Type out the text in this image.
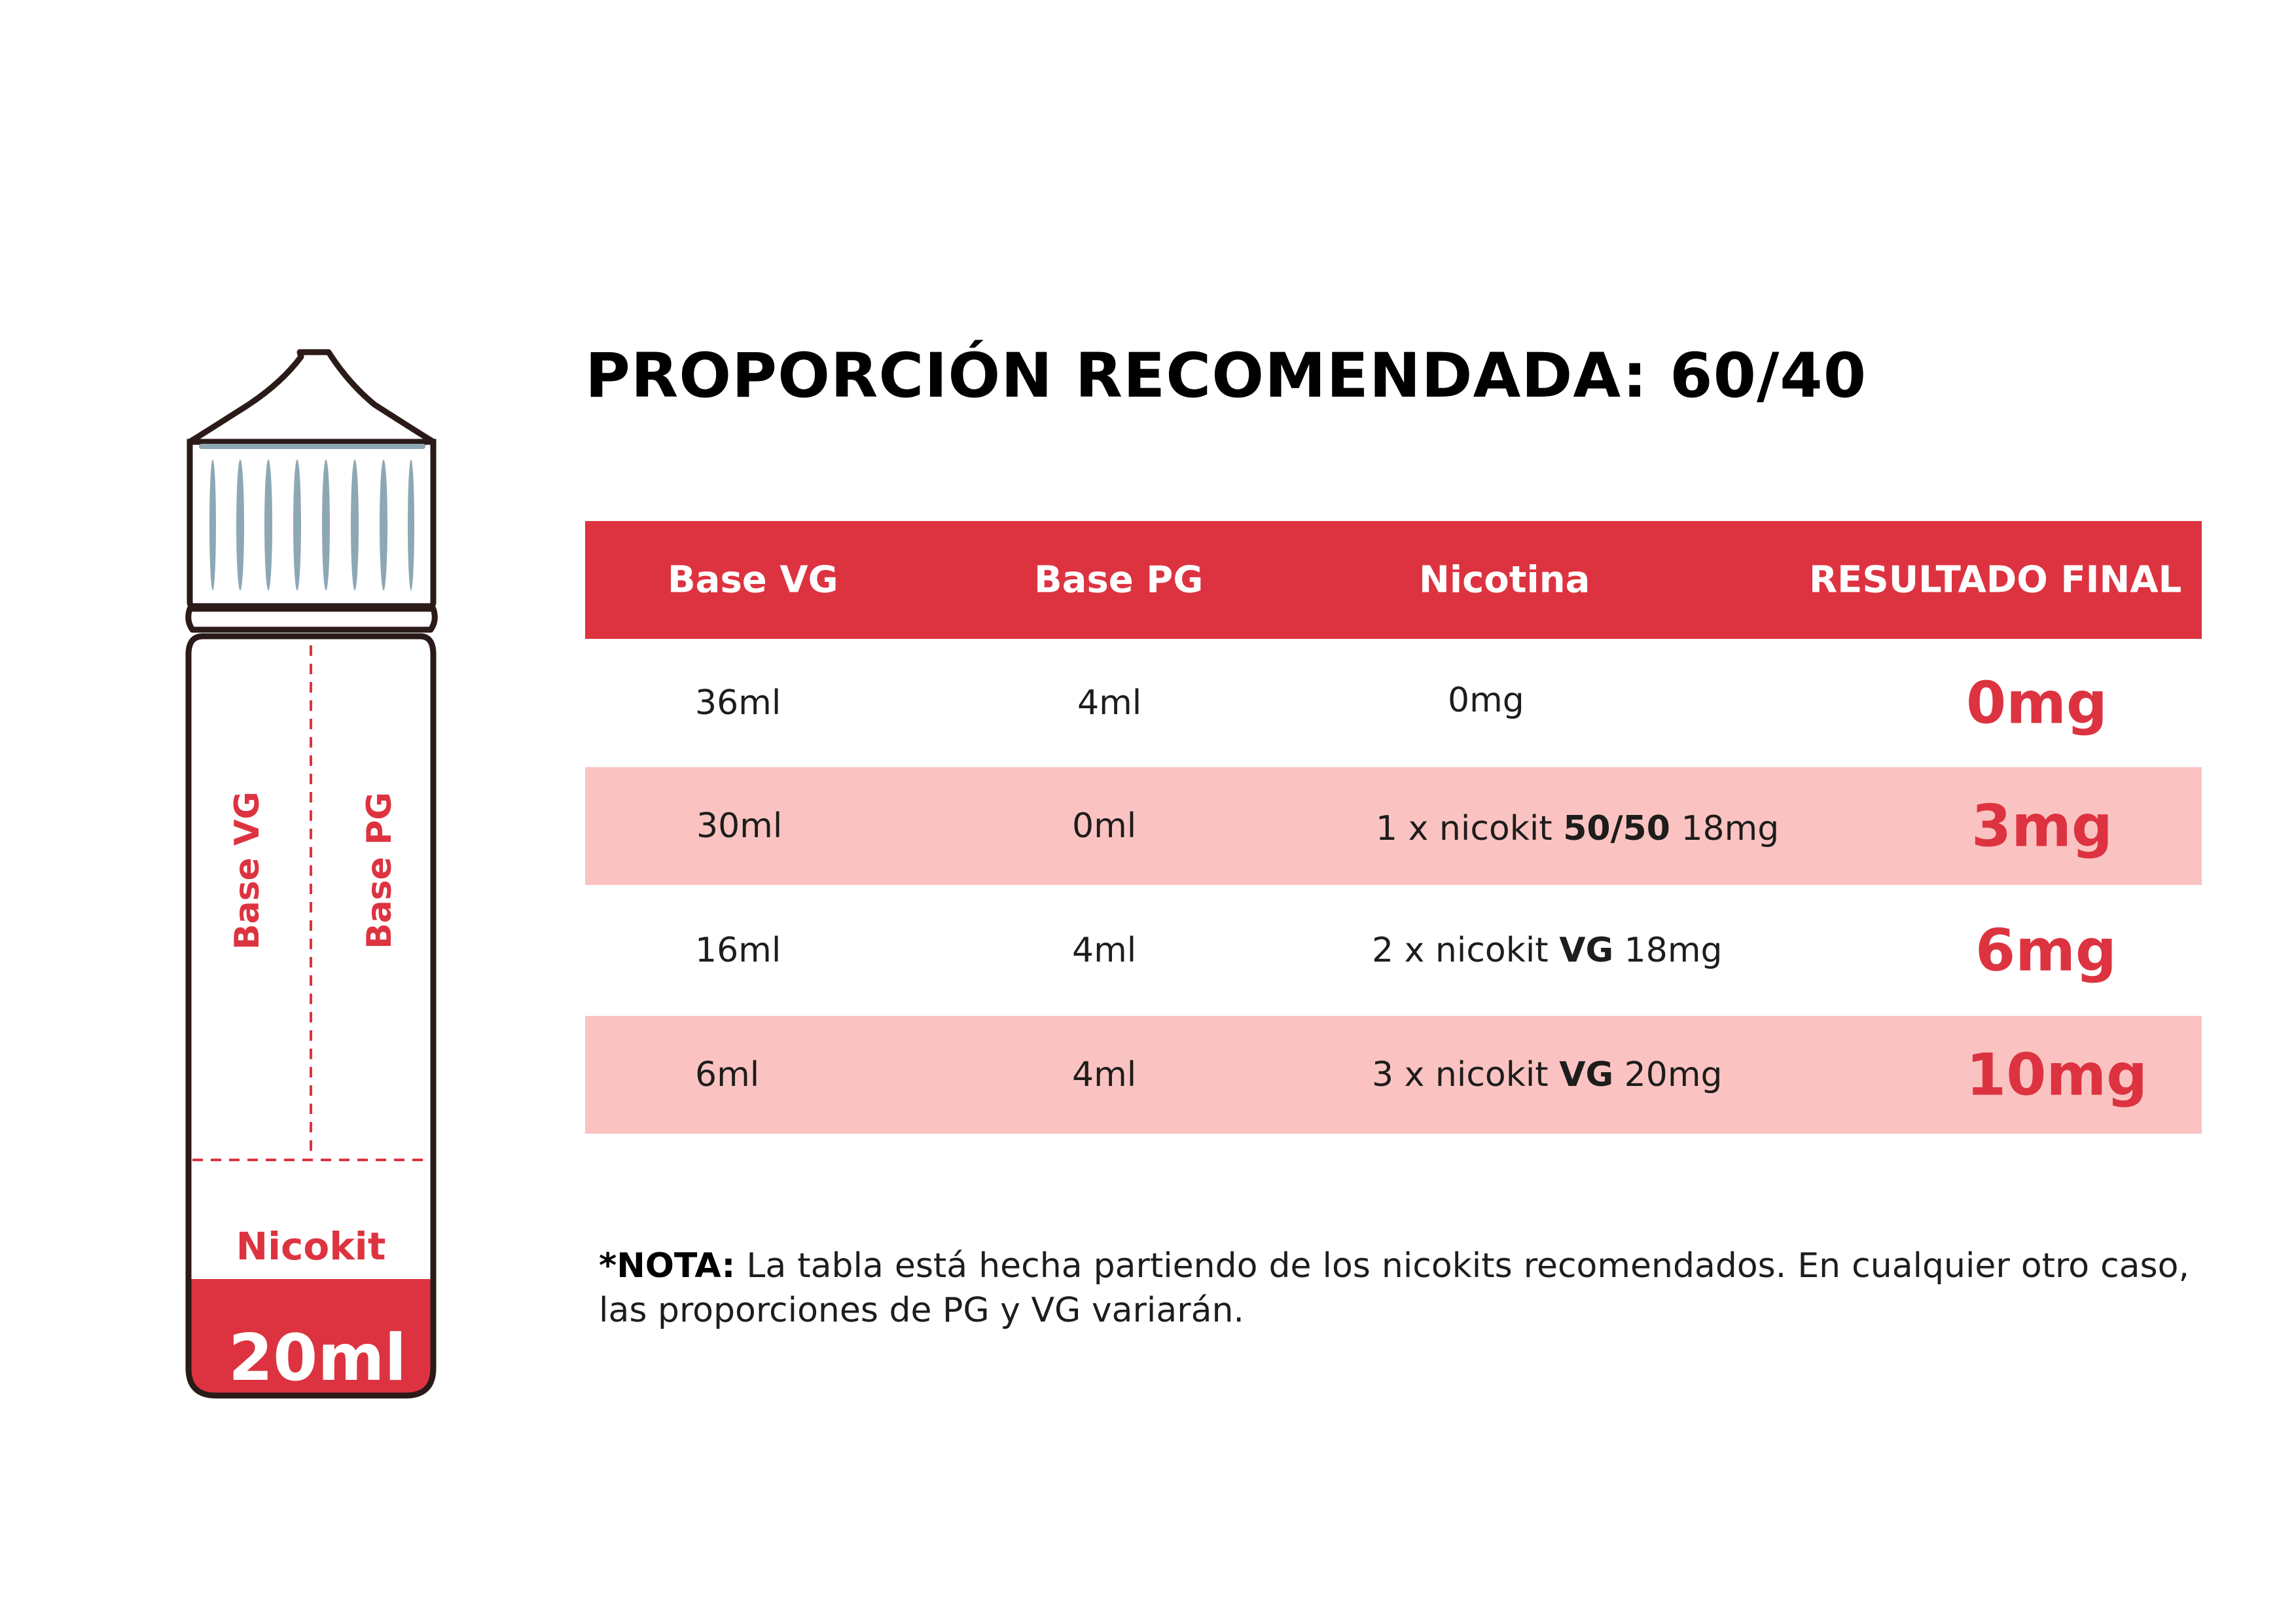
Base VG	Base PG
Nicokit
20ml
PROPORCIÓN RECOMENDADA: 60/40
Base VG	Base PG	Nicotina	RESULTADO FINAL
36ml	4ml	0mg	0mg
30ml	0ml	1 x nicokit 50/50 18mg	3mg
16ml	4ml	2 x nicokit VG 18mg	6mg
6ml	4ml	3 x nicokit VG 20mg	10mg
*NOTA: La tabla está hecha partiendo de los nicokits recomendados. En cualquier otro caso, las proporciones de PG y VG variarán.
